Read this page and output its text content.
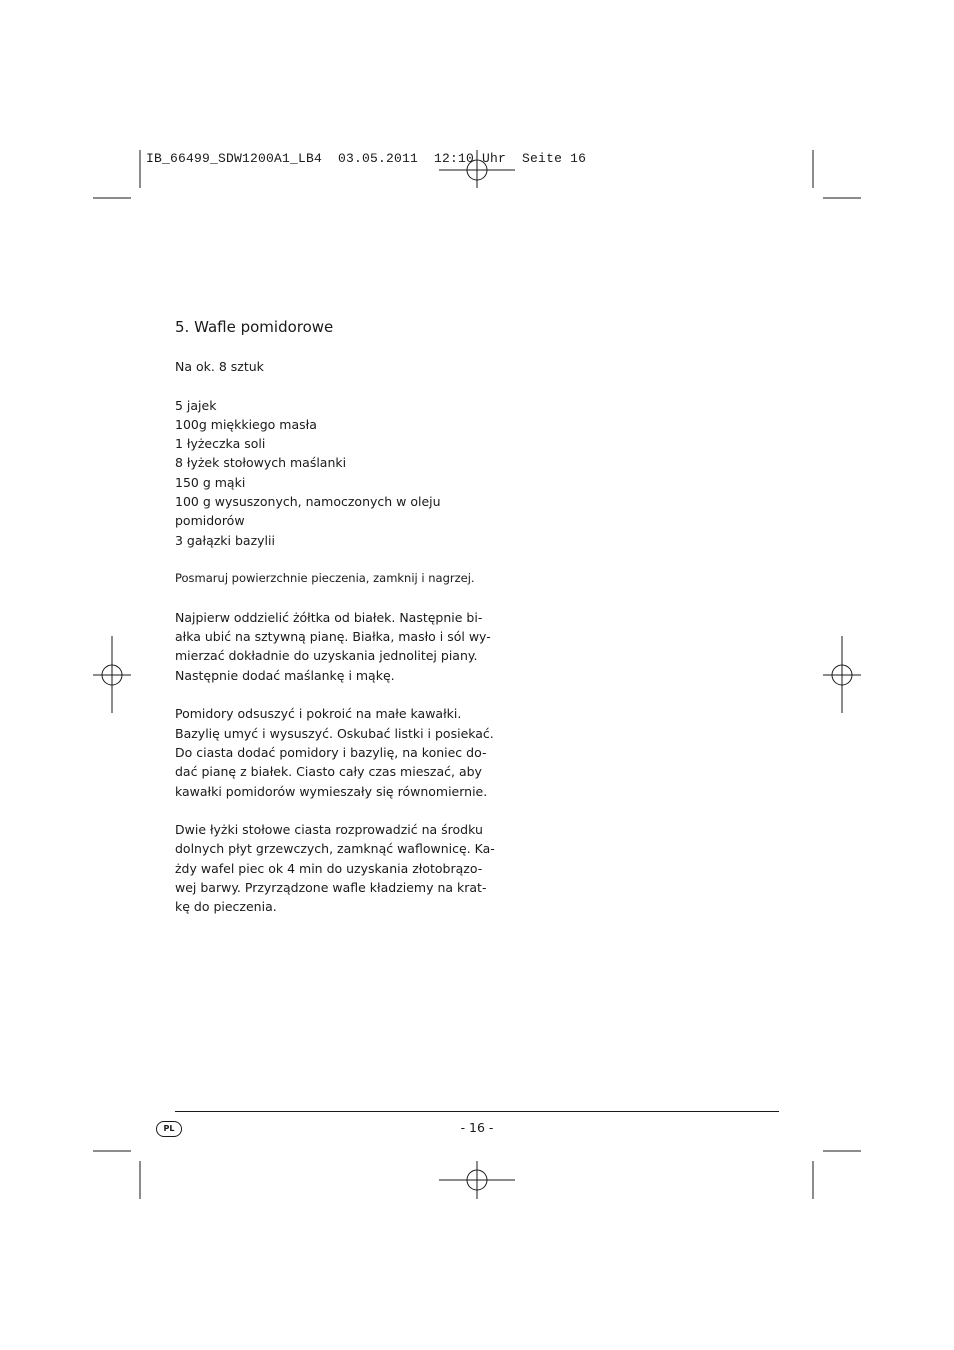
IB_66499_SDW1200A1_LB4  03.05.2011  12:10 Uhr  Seite 16
5. Wafle pomidorowe

Na ok. 8 sztuk

5 jajek
100g miękkiego masła
1 łyżeczka soli
8 łyżek stołowych maślanki
150 g mąki
100 g wysuszonych, namoczonych w oleju
pomidorów
3 gałązki bazylii

Posmaruj powierzchnie pieczenia, zamknij i nagrzej.

Najpierw oddzielić żółtka od białek. Następnie bi-
ałka ubić na sztywną pianę. Białka, masło i sól wy-
mierzać dokładnie do uzyskania jednolitej piany.
Następnie dodać maślankę i mąkę.

Pomidory odsuszyć i pokroić na małe kawałki.
Bazylię umyć i wysuszyć. Oskubać listki i posiekać.
Do ciasta dodać pomidory i bazylię, na koniec do-
dać pianę z białek. Ciasto cały czas mieszać, aby
kawałki pomidorów wymieszały się równomiernie.

Dwie łyżki stołowe ciasta rozprowadzić na środku
dolnych płyt grzewczych, zamknąć waflownicę. Ka-
żdy wafel piec ok 4 min do uzyskania złotobrązo-
wej barwy. Przyrządzone wafle kładziemy na krat-
kę do pieczenia.

PL	- 16 -
